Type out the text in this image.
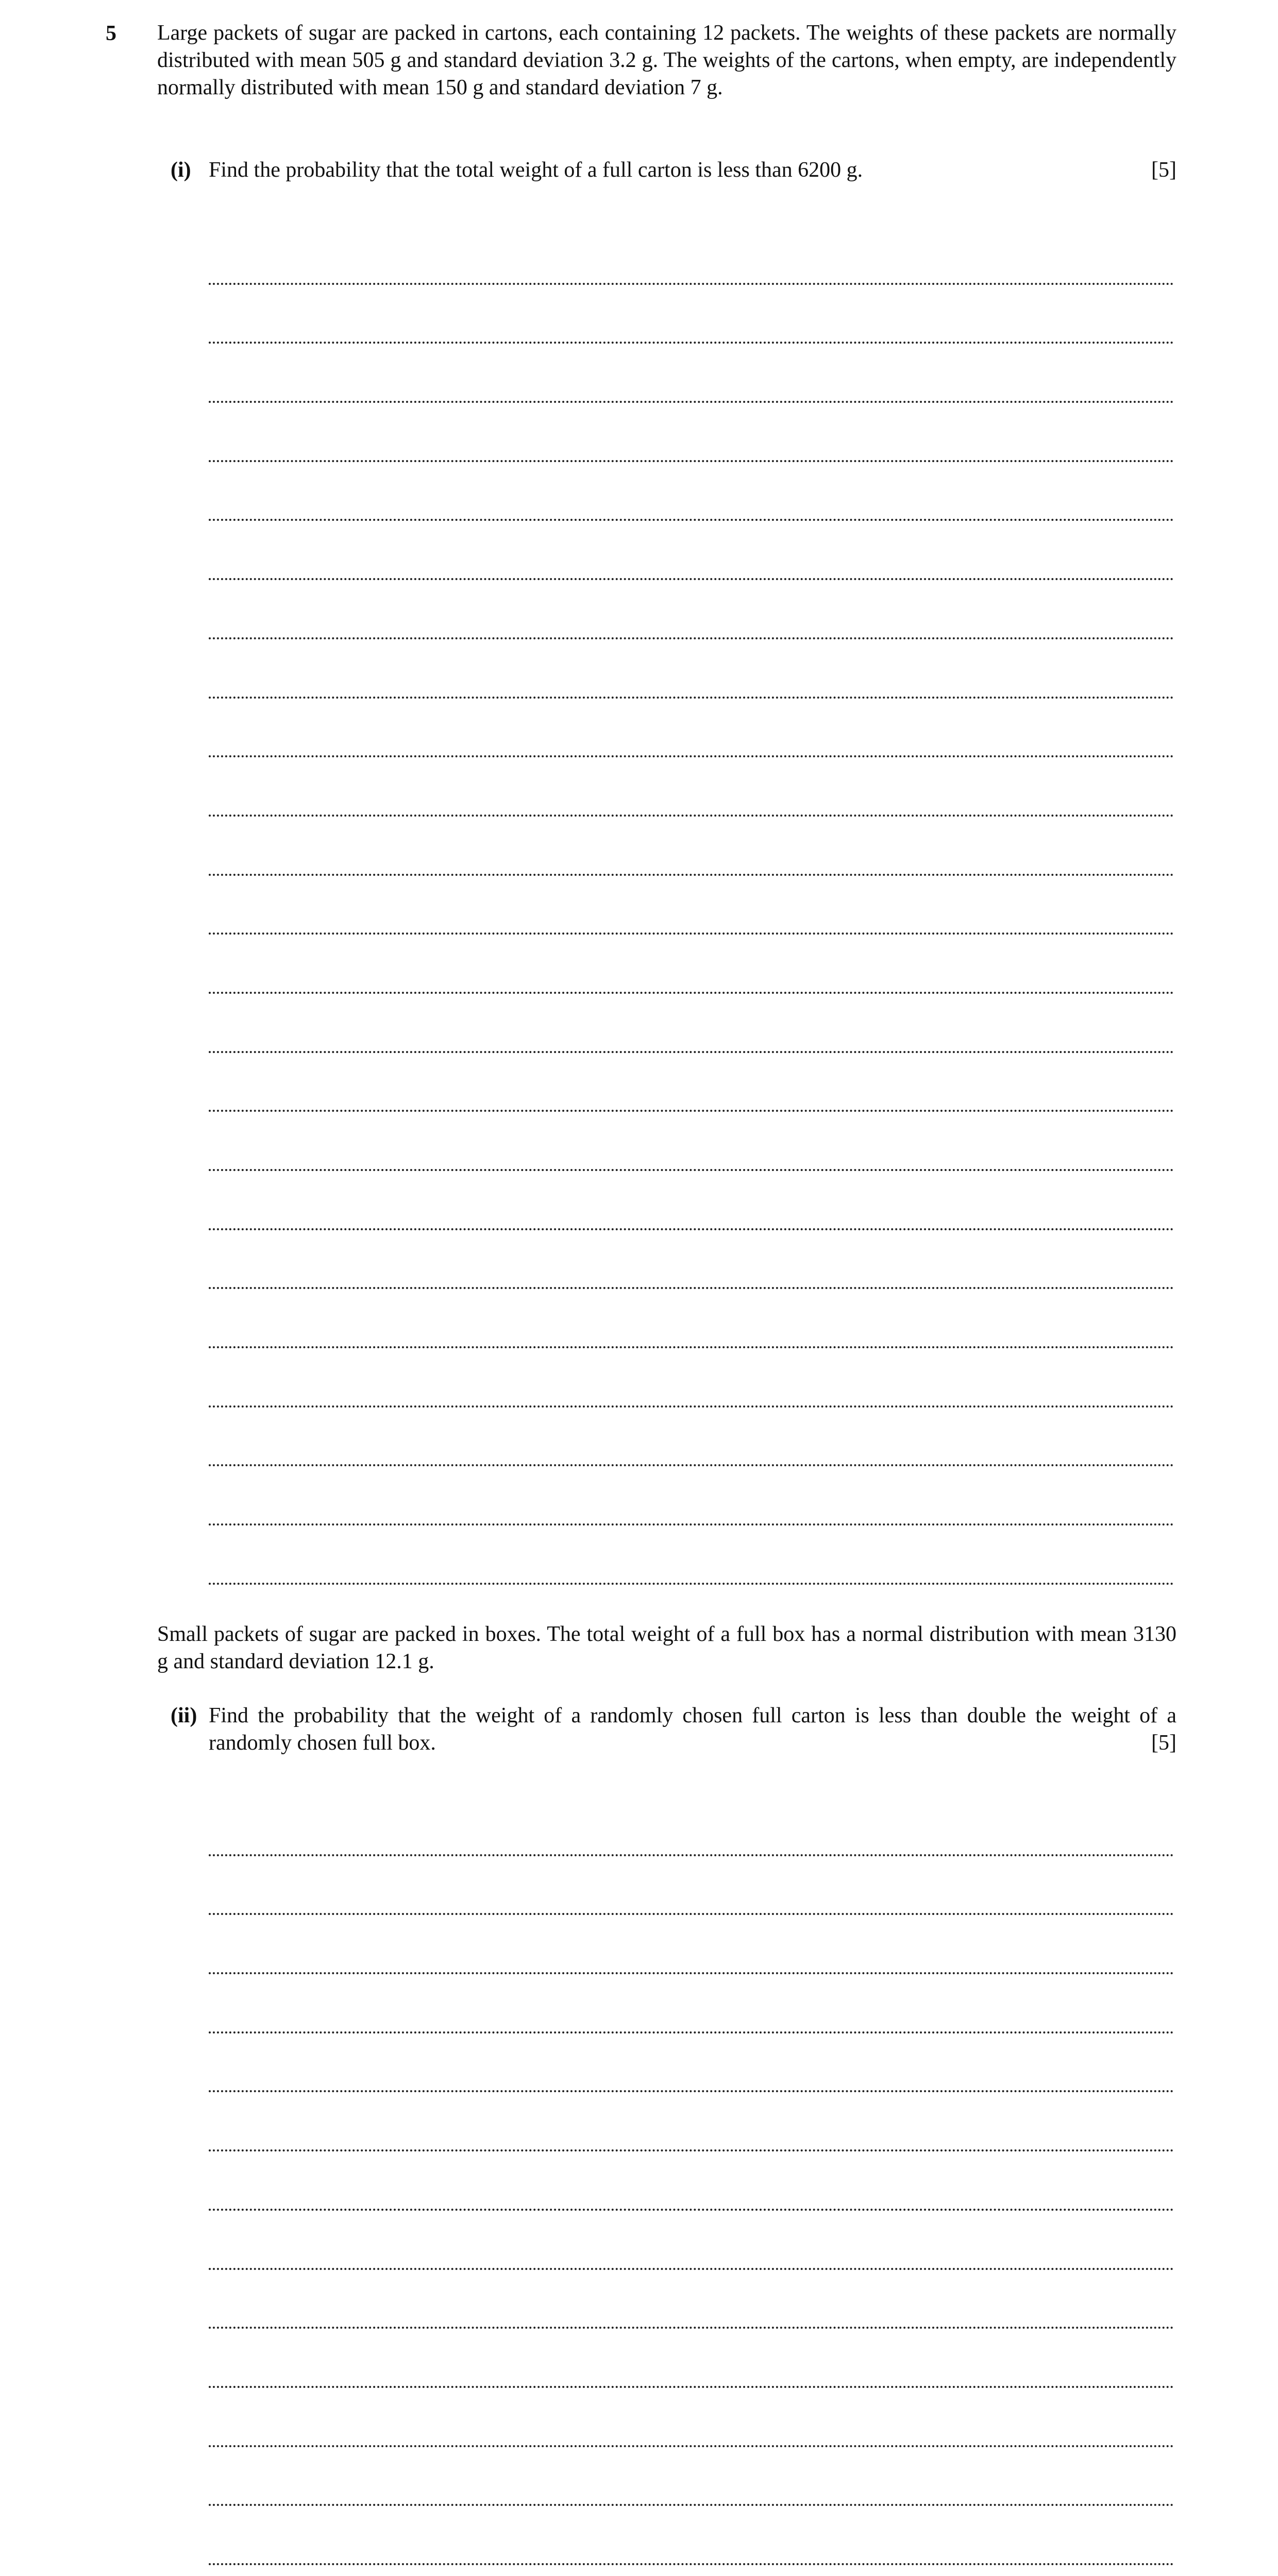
5 Large packets of sugar are packed in cartons, each containing 12 packets. The weights of these packets are normally distributed with mean 505 g and standard deviation 3.2 g. The weights of the cartons, when empty, are independently normally distributed with mean 150 g and standard deviation 7 g.

(i) Find the probability that the total weight of a full carton is less than 6200 g.	[5]

Small packets of sugar are packed in boxes. The total weight of a full box has a normal distribution with mean 3130 g and standard deviation 12.1 g.

(ii) Find the probability that the weight of a randomly chosen full carton is less than double the weight of a randomly chosen full box.	[5]
